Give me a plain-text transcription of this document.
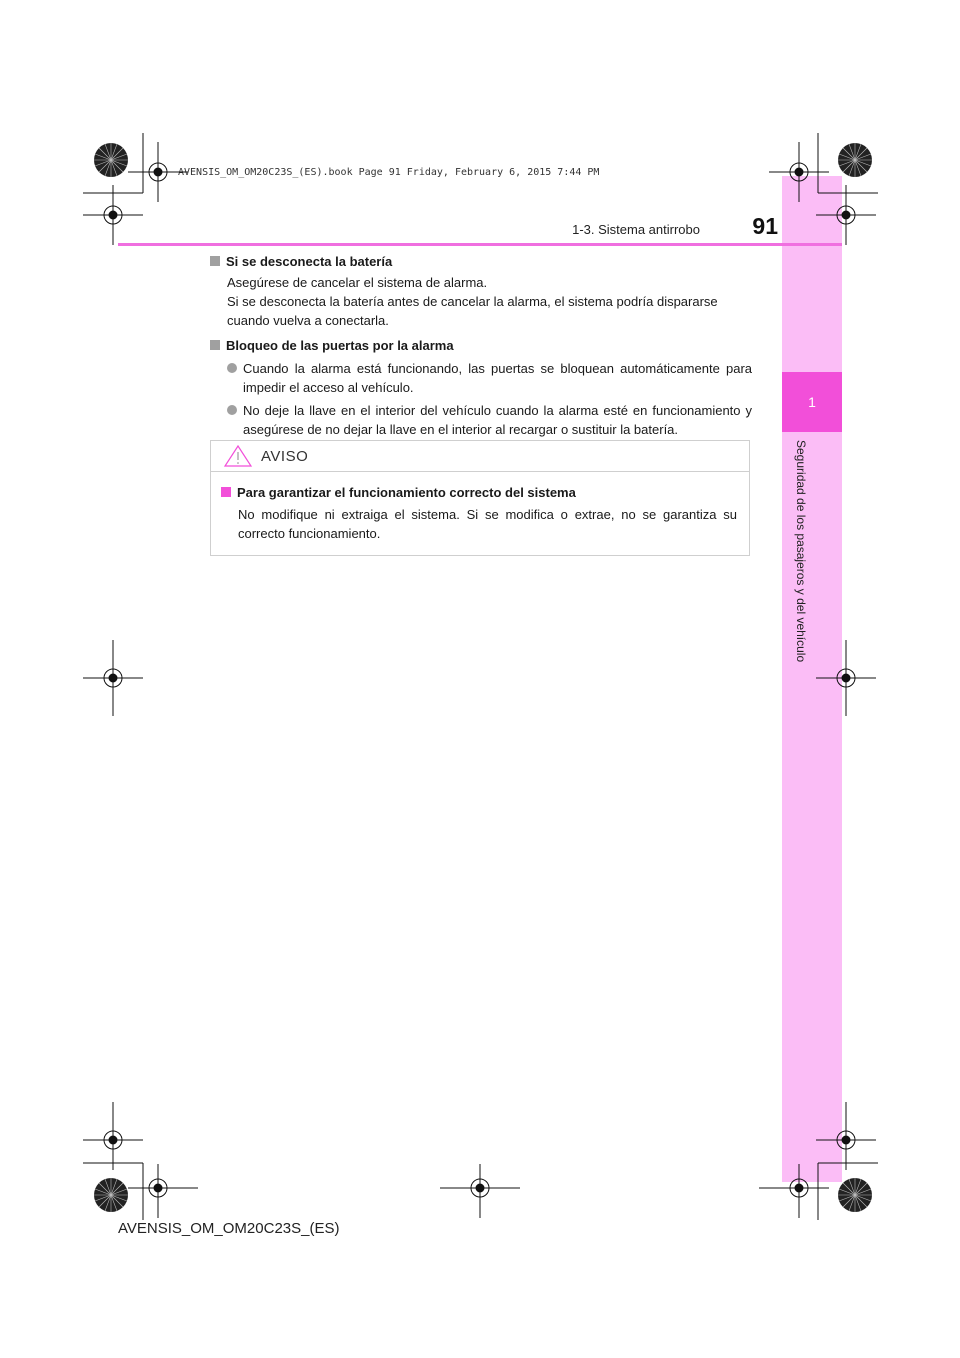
1
Seguridad de los pasajeros y del vehículo
AVENSIS_OM_OM20C23S_(ES).book Page 91 Friday, February 6, 2015 7:44 PM
1-3. Sistema antirrobo	91

Si se desconecta la batería

Asegúrese de cancelar el sistema de alarma.

Si se desconecta la batería antes de cancelar la alarma, el sistema podría dispararse cuando vuelva a conectarla.

Bloqueo de las puertas por la alarma

Cuando la alarma está funcionando, las puertas se bloquean automáticamente para impedir el acceso al vehículo.
No deje la llave en el interior del vehículo cuando la alarma esté en funcionamiento y asegúrese de no dejar la llave en el interior al recargar o sustituir la batería.
AVISO

Para garantizar el funcionamiento correcto del sistema

No modifique ni extraiga el sistema. Si se modifica o extrae, no se garantiza su correcto funcionamiento.

AVENSIS_OM_OM20C23S_(ES)
